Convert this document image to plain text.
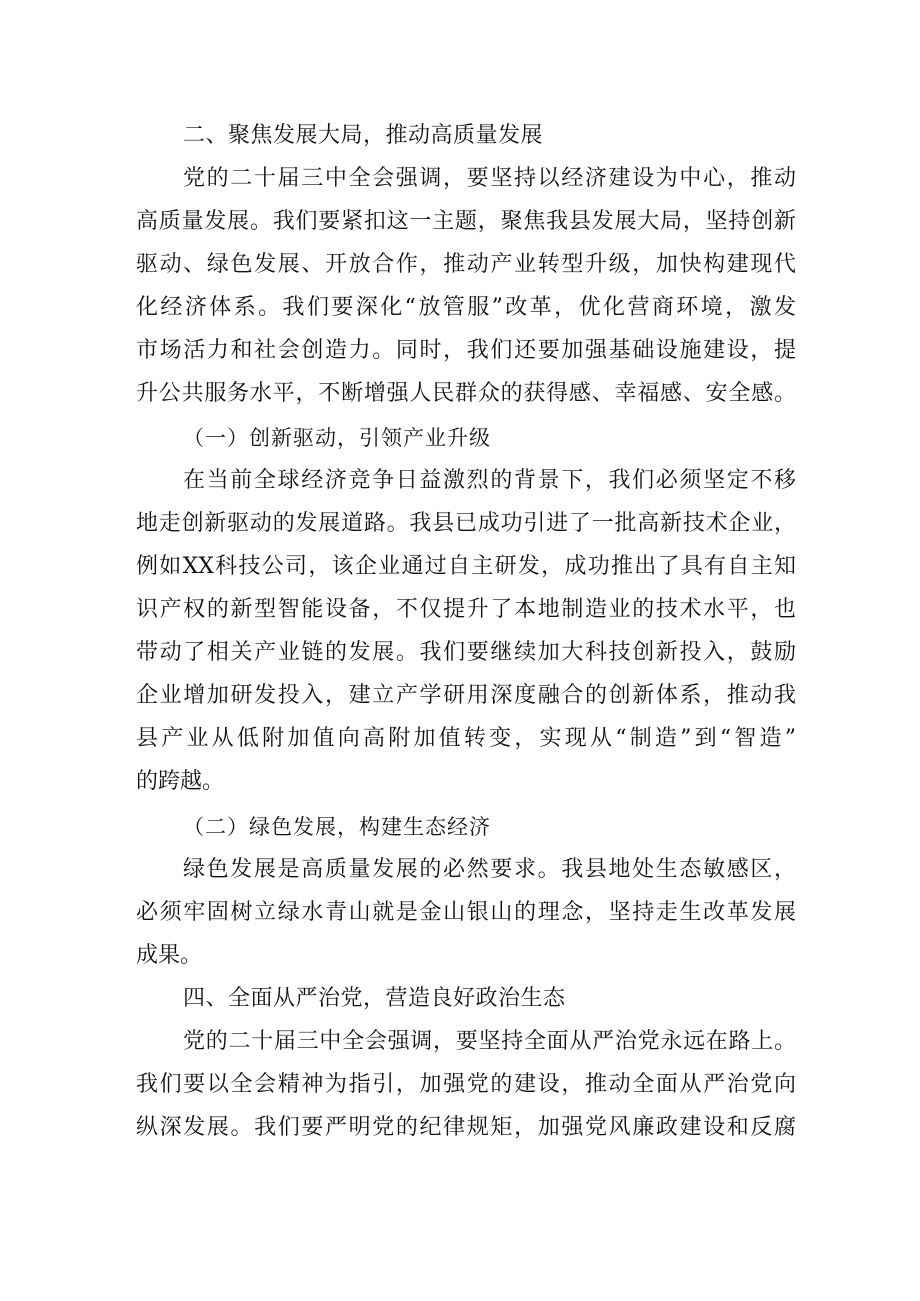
二、聚焦发展大局，推动高质量发展
党的二十届三中全会强调，要坚持以经济建设为中心，推动
高质量发展。我们要紧扣这一主题，聚焦我县发展大局，坚持创新
驱动、绿色发展、开放合作，推动产业转型升级，加快构建现代
化经济体系。我们要深化“放管服”改革，优化营商环境，激发
市场活力和社会创造力。同时，我们还要加强基础设施建设，提
升公共服务水平，不断增强人民群众的获得感、幸福感、安全感。
（一）创新驱动，引领产业升级
在当前全球经济竞争日益激烈的背景下，我们必须坚定不移
地走创新驱动的发展道路。我县已成功引进了一批高新技术企业，
例如XX科技公司，该企业通过自主研发，成功推出了具有自主知
识产权的新型智能设备，不仅提升了本地制造业的技术水平，也
带动了相关产业链的发展。我们要继续加大科技创新投入，鼓励
企业增加研发投入，建立产学研用深度融合的创新体系，推动我
县产业从低附加值向高附加值转变，实现从“制造”到“智造”
的跨越。
（二）绿色发展，构建生态经济
绿色发展是高质量发展的必然要求。我县地处生态敏感区，
必须牢固树立绿水青山就是金山银山的理念，坚持走生改革发展
成果。
四、全面从严治党，营造良好政治生态
党的二十届三中全会强调，要坚持全面从严治党永远在路上。
我们要以全会精神为指引，加强党的建设，推动全面从严治党向
纵深发展。我们要严明党的纪律规矩，加强党风廉政建设和反腐
